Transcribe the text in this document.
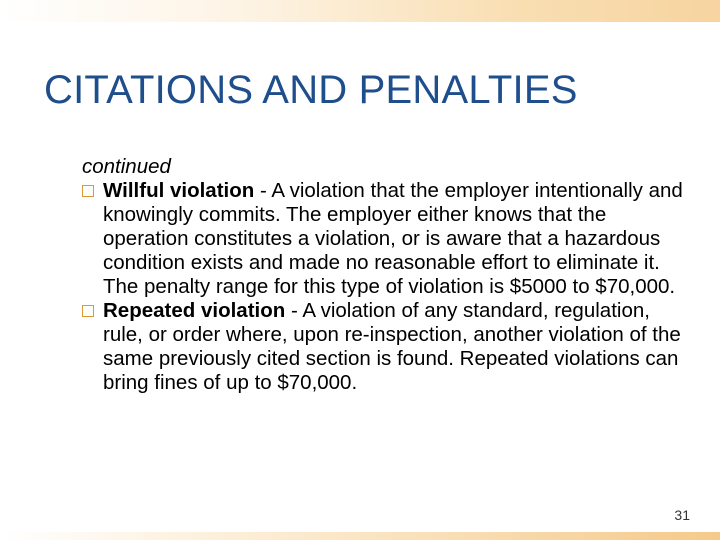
CITATIONS AND PENALTIES
continued
Willful violation - A violation that the employer intentionally and knowingly commits. The employer either knows that the operation constitutes a violation, or is aware that a hazardous condition exists and made no reasonable effort to eliminate it. The penalty range for this type of violation is $5000 to $70,000.
Repeated violation - A violation of any standard, regulation, rule, or order where, upon re-inspection, another violation of the same previously cited section is found. Repeated violations can bring fines of up to $70,000.
31
